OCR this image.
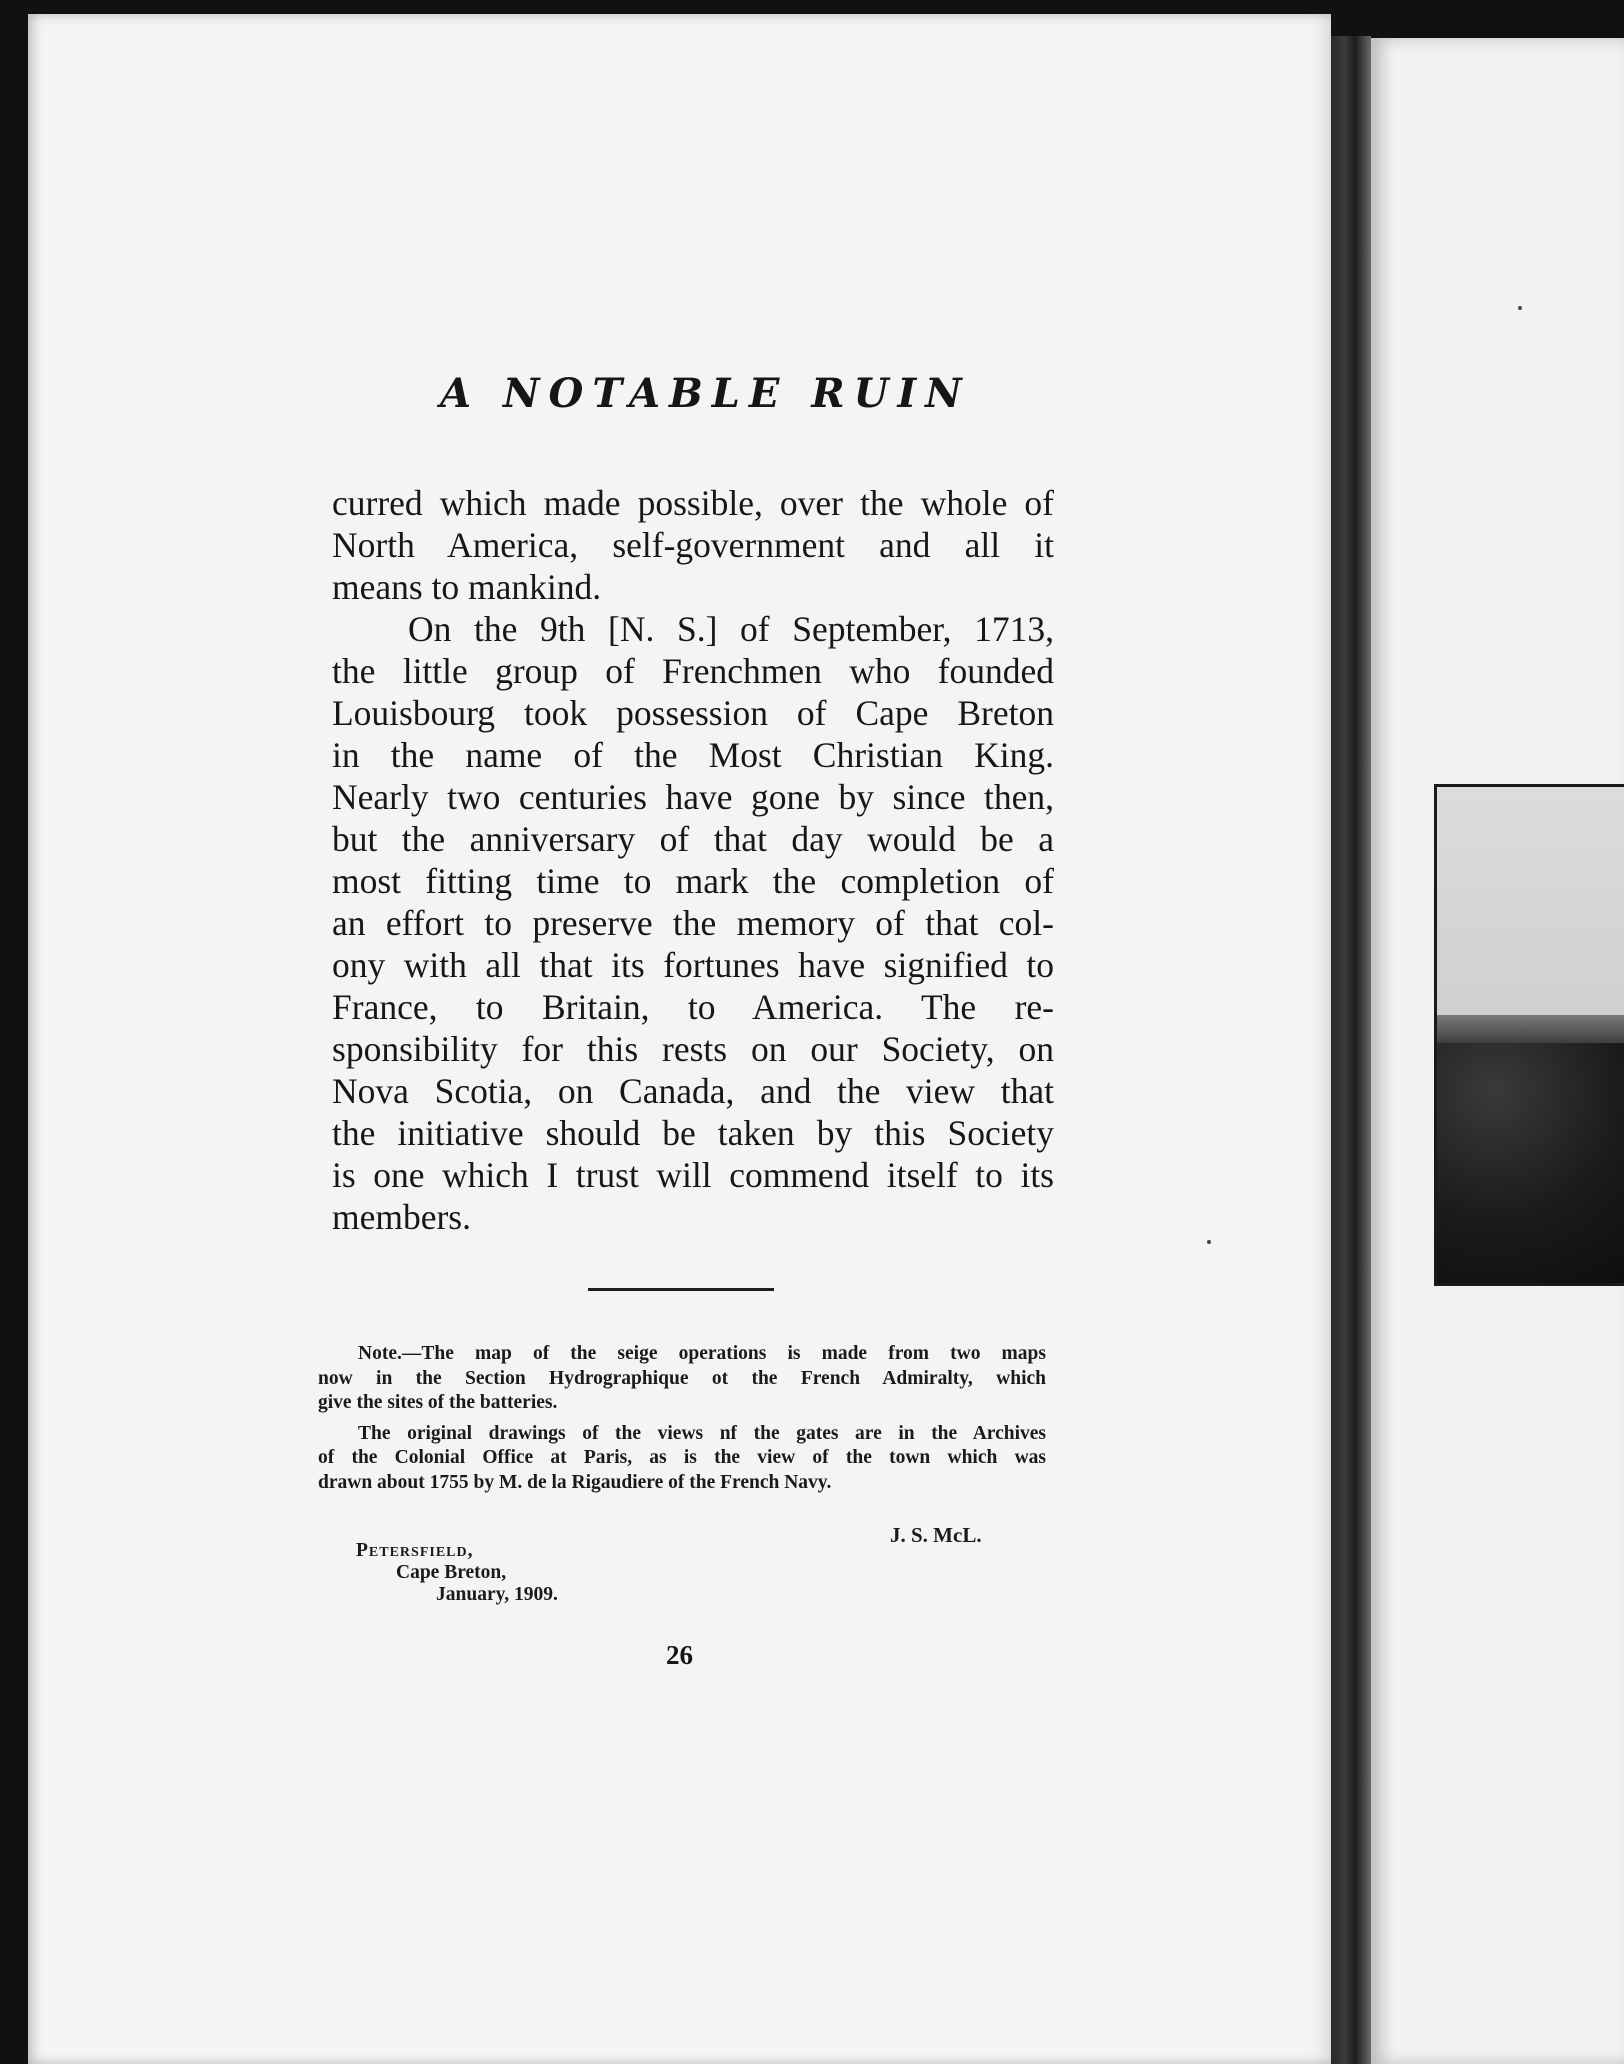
A NOTABLE RUIN
curred which made possible, over the whole of
North America, self-government and all it
means to mankind.
On the 9th [N. S.] of September, 1713,
the little group of Frenchmen who founded
Louisbourg took possession of Cape Breton
in the name of the Most Christian King.
Nearly two centuries have gone by since then,
but the anniversary of that day would be a
most fitting time to mark the completion of
an effort to preserve the memory of that col-
ony with all that its fortunes have signified to
France, to Britain, to America. The re-
sponsibility for this rests on our Society, on
Nova Scotia, on Canada, and the view that
the initiative should be taken by this Society
is one which I trust will commend itself to its
members.
Note.—The map of the seige operations is made from two maps
now in the Section Hydrographique ot the French Admiralty, which
give the sites of the batteries.
The original drawings of the views nf the gates are in the Archives
of the Colonial Office at Paris, as is the view of the town which was
drawn about 1755 by M. de la Rigaudiere of the French Navy.
J. S. McL.
Petersfield,
Cape Breton,
January, 1909.
26
